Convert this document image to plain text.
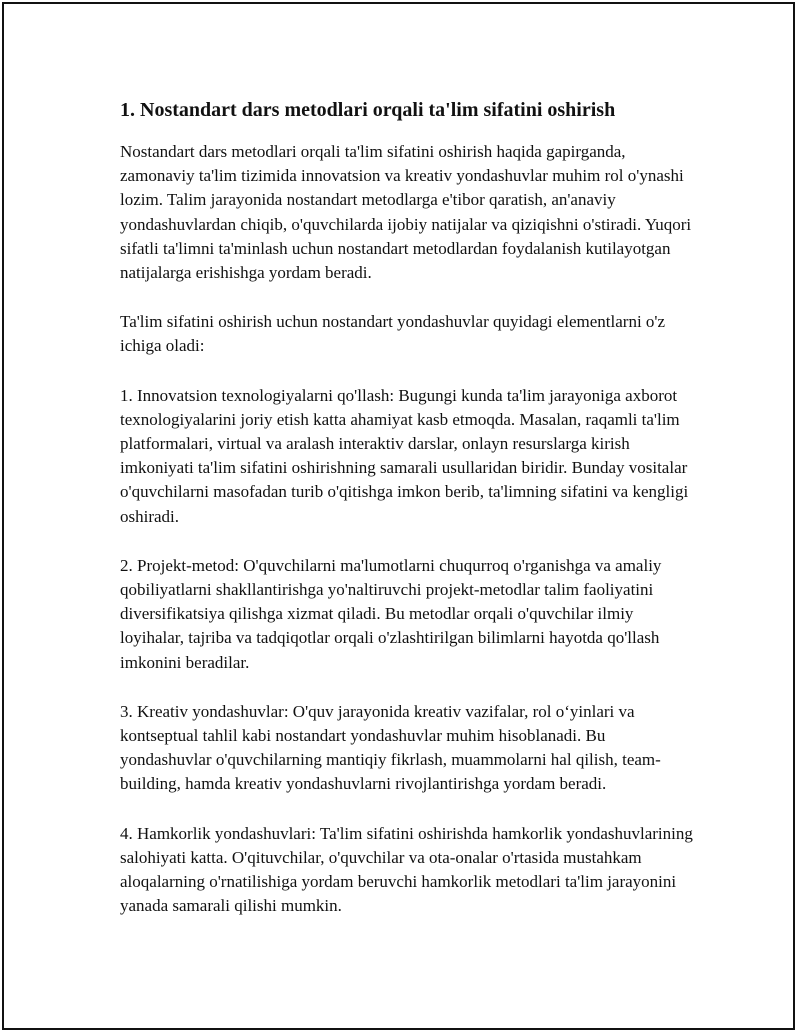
1. Nostandart dars metodlari orqali ta'lim sifatini oshirish

Nostandart dars metodlari orqali ta'lim sifatini oshirish haqida gapirganda, zamonaviy ta'lim tizimida innovatsion va kreativ yondashuvlar muhim rol o'ynashi lozim. Talim jarayonida nostandart metodlarga e'tibor qaratish, an'anaviy yondashuvlardan chiqib, o'quvchilarda ijobiy natijalar va qiziqishni o'stiradi. Yuqori sifatli ta'limni ta'minlash uchun nostandart metodlardan foydalanish kutilayotgan natijalarga erishishga yordam beradi.

Ta'lim sifatini oshirish uchun nostandart yondashuvlar quyidagi elementlarni o'z ichiga oladi:

1. Innovatsion texnologiyalarni qo'llash: Bugungi kunda ta'lim jarayoniga axborot texnologiyalarini joriy etish katta ahamiyat kasb etmoqda. Masalan, raqamli ta'lim platformalari, virtual va aralash interaktiv darslar, onlayn resurslarga kirish imkoniyati ta'lim sifatini oshirishning samarali usullaridan biridir. Bunday vositalar o'quvchilarni masofadan turib o'qitishga imkon berib, ta'limning sifatini va kengligi oshiradi.

2. Projekt-metod: O'quvchilarni ma'lumotlarni chuqurroq o'rganishga va amaliy qobiliyatlarni shakllantirishga yo'naltiruvchi projekt-metodlar talim faoliyatini diversifikatsiya qilishga xizmat qiladi. Bu metodlar orqali o'quvchilar ilmiy loyihalar, tajriba va tadqiqotlar orqali o'zlashtirilgan bilimlarni hayotda qo'llash imkonini beradilar.

3. Kreativ yondashuvlar: O'quv jarayonida kreativ vazifalar, rol oʻyinlari va kontseptual tahlil kabi nostandart yondashuvlar muhim hisoblanadi. Bu yondashuvlar o'quvchilarning mantiqiy fikrlash, muammolarni hal qilish, team-building, hamda kreativ yondashuvlarni rivojlantirishga yordam beradi.

4. Hamkorlik yondashuvlari: Ta'lim sifatini oshirishda hamkorlik yondashuvlarining salohiyati katta. O'qituvchilar, o'quvchilar va ota-onalar o'rtasida mustahkam aloqalarning o'rnatilishiga yordam beruvchi hamkorlik metodlari ta'lim jarayonini yanada samarali qilishi mumkin.
